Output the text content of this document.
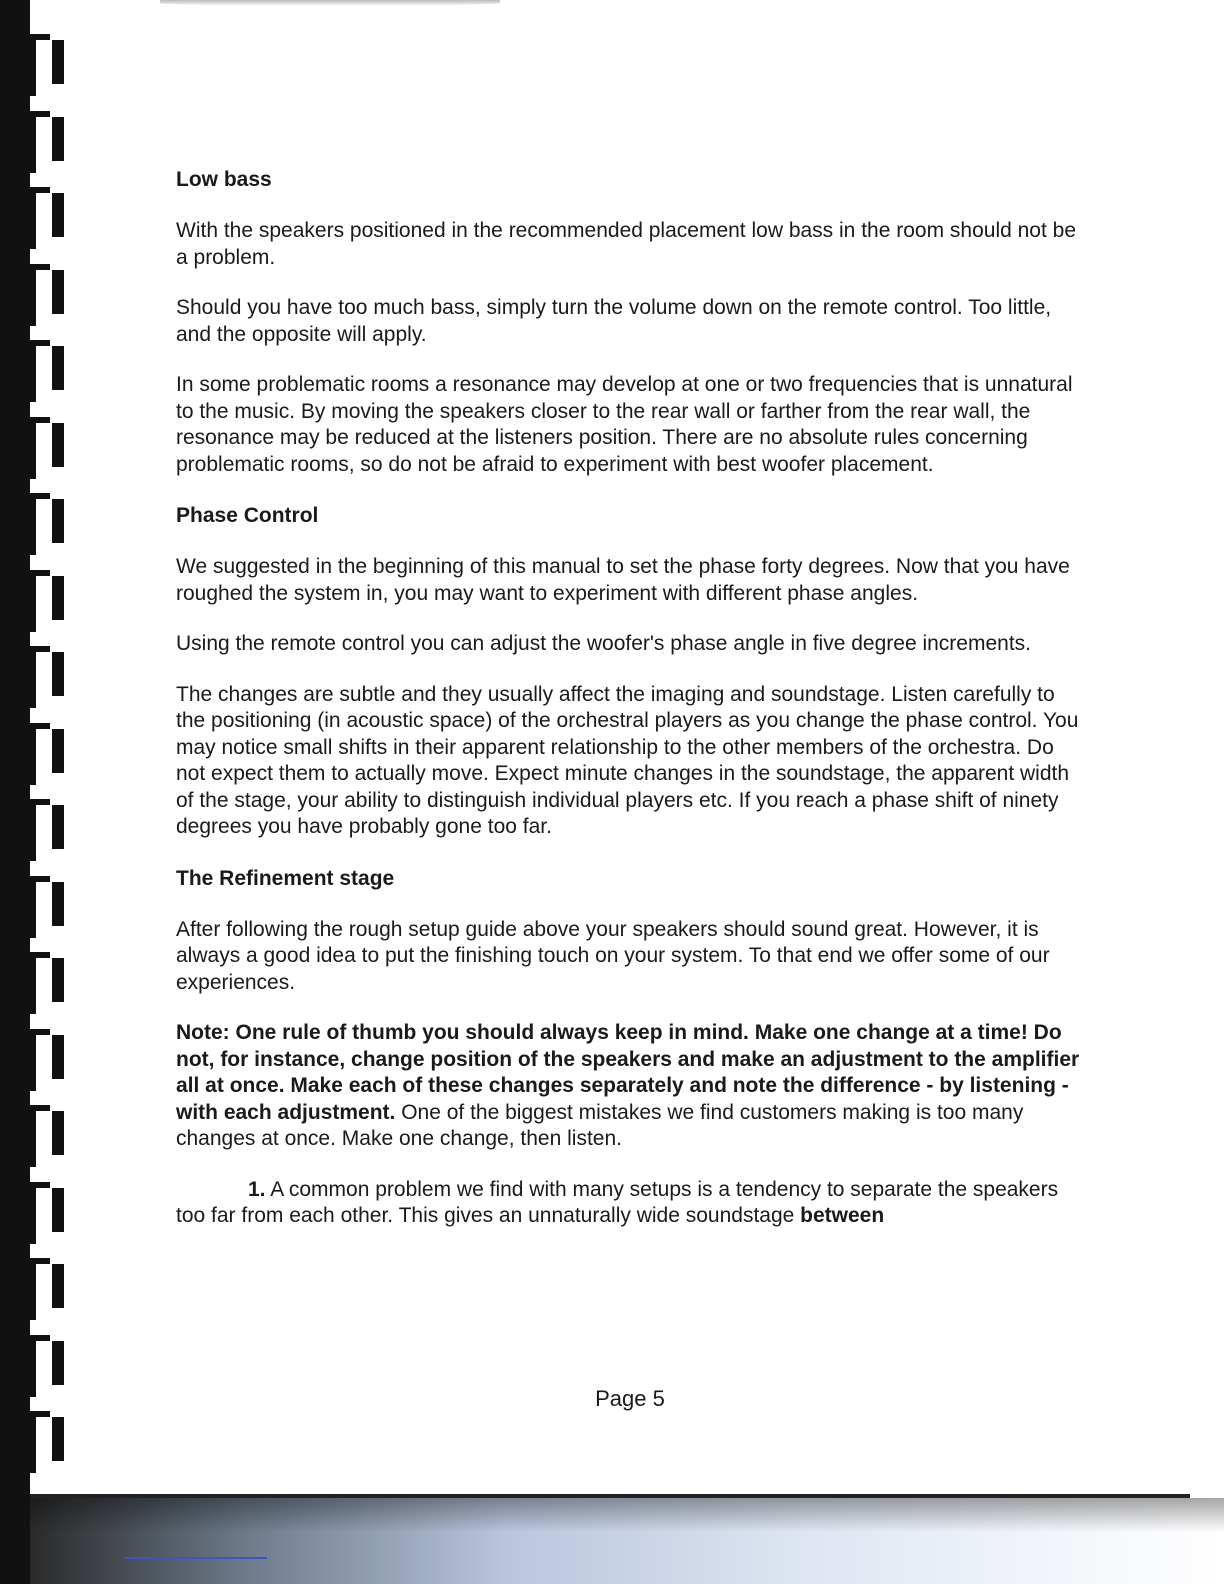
Low bass

With the speakers positioned in the recommended placement low bass in the room should not be a problem.

Should you have too much bass, simply turn the volume down on the remote control. Too little, and the opposite will apply.

In some problematic rooms a resonance may develop at one or two frequencies that is unnatural to the music. By moving the speakers closer to the rear wall or farther from the rear wall, the resonance may be reduced at the listeners position. There are no absolute rules concerning problematic rooms, so do not be afraid to experiment with best woofer placement.

Phase Control

We suggested in the beginning of this manual to set the phase forty degrees. Now that you have roughed the system in, you may want to experiment with different phase angles.

Using the remote control you can adjust the woofer's phase angle in five degree increments.

The changes are subtle and they usually affect the imaging and soundstage. Listen carefully to the positioning (in acoustic space) of the orchestral players as you change the phase control. You may notice small shifts in their apparent relationship to the other members of the orchestra. Do not expect them to actually move. Expect minute changes in the soundstage, the apparent width of the stage, your ability to distinguish individual players etc. If you reach a phase shift of ninety degrees you have probably gone too far.

The Refinement stage

After following the rough setup guide above your speakers should sound great. However, it is always a good idea to put the finishing touch on your system. To that end we offer some of our experiences.

Note: One rule of thumb you should always keep in mind. Make one change at a time! Do not, for instance, change position of the speakers and make an adjustment to the amplifier all at once. Make each of these changes separately and note the difference - by listening - with each adjustment. One of the biggest mistakes we find customers making is too many changes at once. Make one change, then listen.

1. A common problem we find with many setups is a tendency to separate the speakers too far from each other. This gives an unnaturally wide soundstage between

Page 5
